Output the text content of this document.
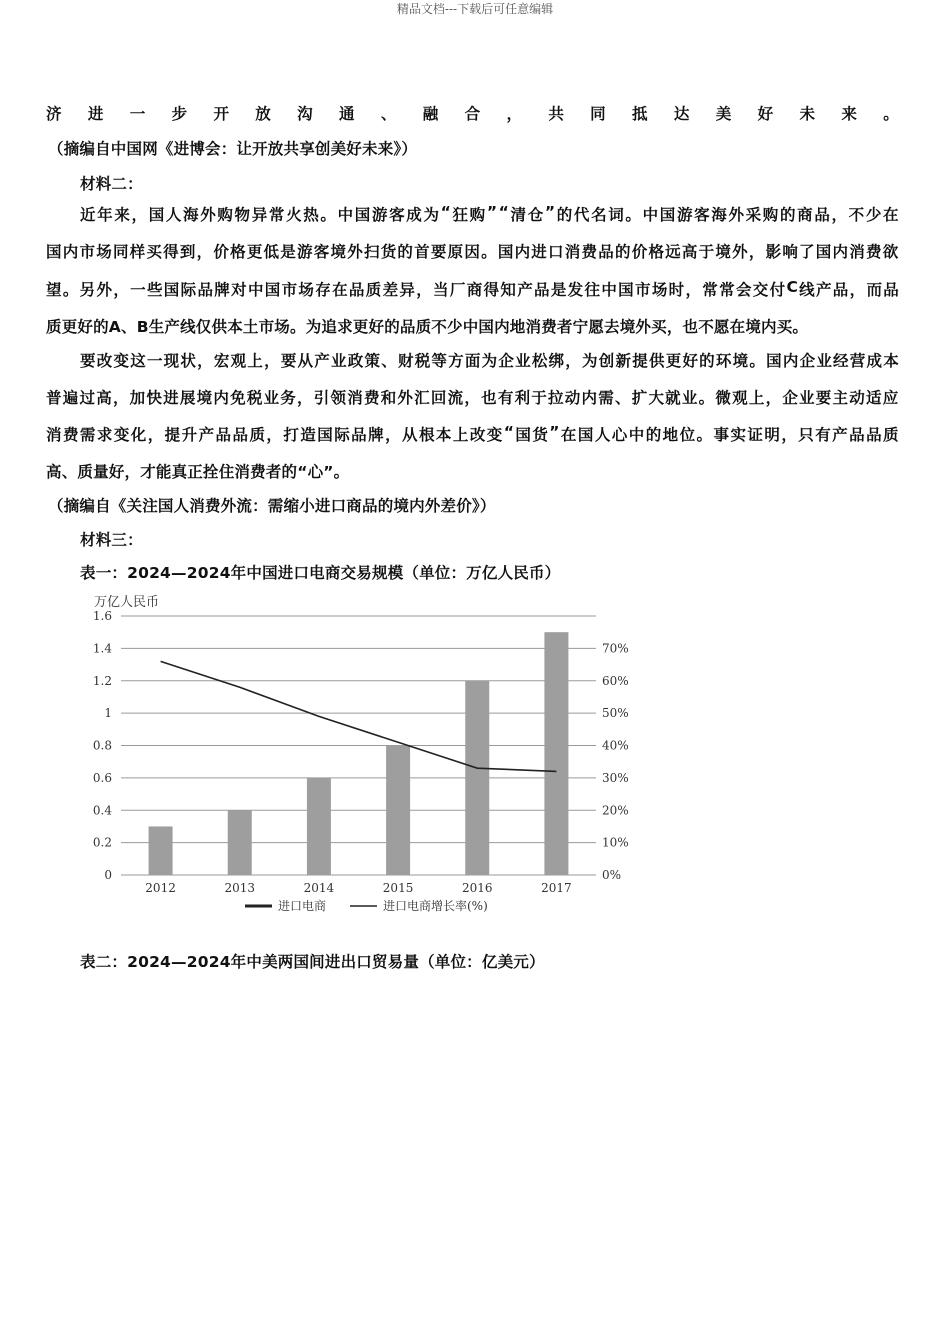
精品文档---下载后可任意编辑
济 进 一 步 开 放 沟 通 、 融 合 ， 共 同 抵 达 美 好 未 来 。
（摘编自中国网《进博会：让开放共享创美好未来》）
材料二：
近 年 来 ， 国 人 海 外 购 物 异 常 火 热 。 中 国 游 客 成 为 “ 狂 购 ” “ 清 仓 ” 的 代 名 词 。 中 国 游 客 海 外 采 购 的 商 品 ， 不 少 在
国 内 市 场 同 样 买 得 到 ， 价 格 更 低 是 游 客 境 外 扫 货 的 首 要 原 因 。 国 内 进 口 消 费 品 的 价 格 远 高 于 境 外 ， 影 响 了 国 内 消 费 欲
望 。 另 外 ， 一 些 国 际 品 牌 对 中 国 市 场 存 在 品 质 差 异 ， 当 厂 商 得 知 产 品 是 发 往 中 国 市 场 时 ， 常 常 会 交 付 C 线 产 品 ， 而 品
质更好的A、B生产线仅供本土市场。为追求更好的品质不少中国内地消费者宁愿去境外买，也不愿在境内买。
要 改 变 这 一 现 状 ， 宏 观 上 ， 要 从 产 业 政 策 、 财 税 等 方 面 为 企 业 松 绑 ， 为 创 新 提 供 更 好 的 环 境 。 国 内 企 业 经 营 成 本
普 遍 过 高 ， 加 快 进 展 境 内 免 税 业 务 ， 引 领 消 费 和 外 汇 回 流 ， 也 有 利 于 拉 动 内 需 、 扩 大 就 业 。 微 观 上 ， 企 业 要 主 动 适 应
消 费 需 求 变 化 ， 提 升 产 品 品 质 ， 打 造 国 际 品 牌 ， 从 根 本 上 改 变 “ 国 货 ” 在 国 人 心 中 的 地 位 。 事 实 证 明 ， 只 有 产 品 品 质
高、质量好，才能真正拴住消费者的“心”。
（摘编自《关注国人消费外流：需缩小进口商品的境内外差价》）
材料三：
表一：2024—2024年中国进口电商交易规模（单位：万亿人民币）
1.6
1.4
1.2
1
0.8
0.6
0.4
0.2
0
70%
60%
50%
40%
30%
20%
10%
0%
2012	2013	2014	2015	2016	2017
万亿人民币
进口电商	进口电商增长率(%)
表二：2024—2024年中美两国间进出口贸易量（单位：亿美元）
